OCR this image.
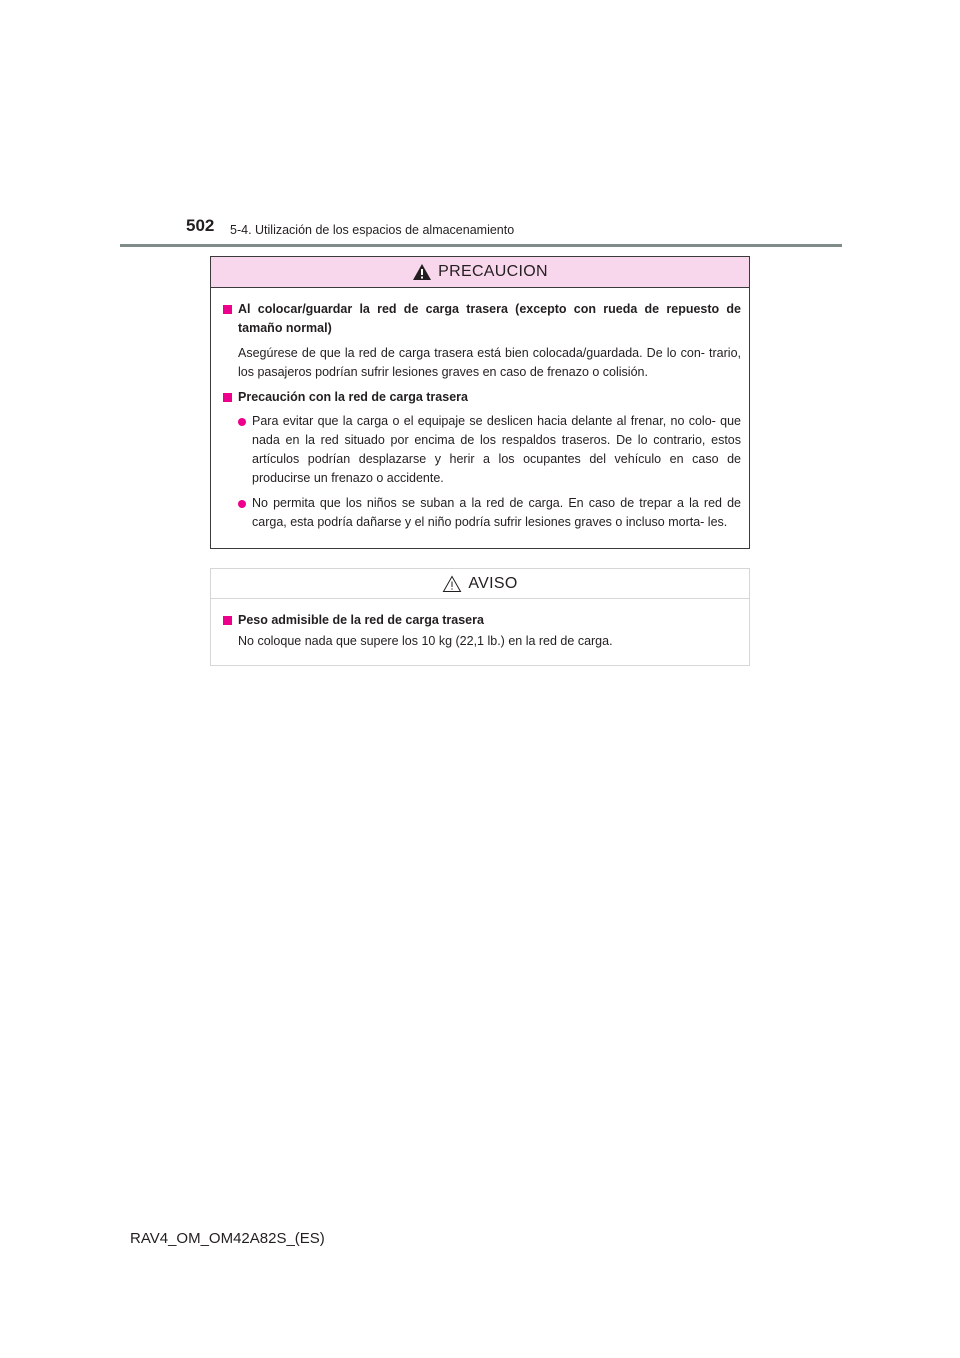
502 5-4. Utilización de los espacios de almacenamiento
PRECAUCION
Al colocar/guardar la red de carga trasera (excepto con rueda de repuesto de tamaño normal)
Asegúrese de que la red de carga trasera está bien colocada/guardada. De lo con- trario, los pasajeros podrían sufrir lesiones graves en caso de frenazo o colisión.
Precaución con la red de carga trasera
Para evitar que la carga o el equipaje se deslicen hacia delante al frenar, no colo- que nada en la red situado por encima de los respaldos traseros. De lo contrario, estos artículos podrían desplazarse y herir a los ocupantes del vehículo en caso de producirse un frenazo o accidente.
No permita que los niños se suban a la red de carga. En caso de trepar a la red de carga, esta podría dañarse y el niño podría sufrir lesiones graves o incluso morta- les.
AVISO
Peso admisible de la red de carga trasera
No coloque nada que supere los 10 kg (22,1 lb.) en la red de carga.
RAV4_OM_OM42A82S_(ES)
